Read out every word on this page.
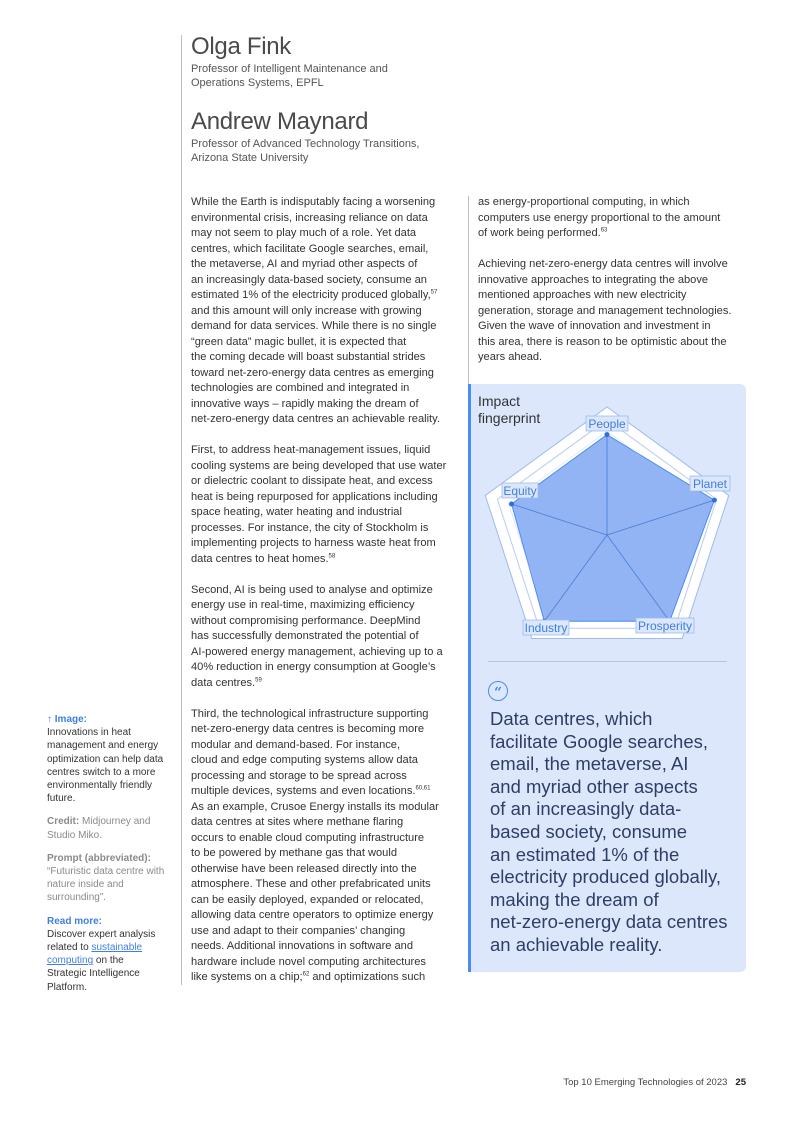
Olga Fink
Professor of Intelligent Maintenance and
Operations Systems, EPFL
Andrew Maynard
Professor of Advanced Technology Transitions,
Arizona State University

While the Earth is indisputably facing a worsening
environmental crisis, increasing reliance on data
may not seem to play much of a role. Yet data
centres, which facilitate Google searches, email,
the metaverse, AI and myriad other aspects of
an increasingly data-based society, consume an
estimated 1% of the electricity produced globally,$^{57}$
and this amount will only increase with growing
demand for data services. While there is no single
“green data” magic bullet, it is expected that
the coming decade will boast substantial strides
toward net-zero-energy data centres as emerging
technologies are combined and integrated in
innovative ways – rapidly making the dream of
net-zero-energy data centres an achievable reality.

First, to address heat-management issues, liquid
cooling systems are being developed that use water
or dielectric coolant to dissipate heat, and excess
heat is being repurposed for applications including
space heating, water heating and industrial
processes. For instance, the city of Stockholm is
implementing projects to harness waste heat from
data centres to heat homes.$^{58}$

Second, AI is being used to analyse and optimize
energy use in real-time, maximizing efficiency
without compromising performance. DeepMind
has successfully demonstrated the potential of
AI-powered energy management, achieving up to a
40% reduction in energy consumption at Google’s
data centres.$^{59}$

Third, the technological infrastructure supporting
net-zero-energy data centres is becoming more
modular and demand-based. For instance,
cloud and edge computing systems allow data
processing and storage to be spread across
multiple devices, systems and even locations.$^{60,61}$
As an example, Crusoe Energy installs its modular
data centres at sites where methane flaring
occurs to enable cloud computing infrastructure
to be powered by methane gas that would
otherwise have been released directly into the
atmosphere. These and other prefabricated units
can be easily deployed, expanded or relocated,
allowing data centre operators to optimize energy
use and adapt to their companies’ changing
needs. Additional innovations in software and
hardware include novel computing architectures
like systems on a chip;$^{62}$ and optimizations such

as energy-proportional computing, in which
computers use energy proportional to the amount
of work being performed.$^{63}$

Achieving net-zero-energy data centres will involve
innovative approaches to integrating the above
mentioned approaches with new electricity
generation, storage and management technologies.
Given the wave of innovation and investment in
this area, there is reason to be optimistic about the
years ahead.

↑ Image:
Innovations in heat management and energy optimization can help data centres switch to a more environmentally friendly future.
Credit: Midjourney and Studio Miko.
Prompt (abbreviated):
“Futuristic data centre with nature inside and surrounding”.
Read more:
Discover expert analysis related to sustainable computing on the Strategic Intelligence Platform.
Impact
fingerprint	People
Planet
Prosperity
Industry
Equity
“
Data centres, which
facilitate Google searches,
email, the metaverse, AI
and myriad other aspects
of an increasingly data-
based society, consume
an estimated 1% of the
electricity produced globally,
making the dream of
net-zero-energy data centres
an achievable reality.
Top 10 Emerging Technologies of 2023 25
